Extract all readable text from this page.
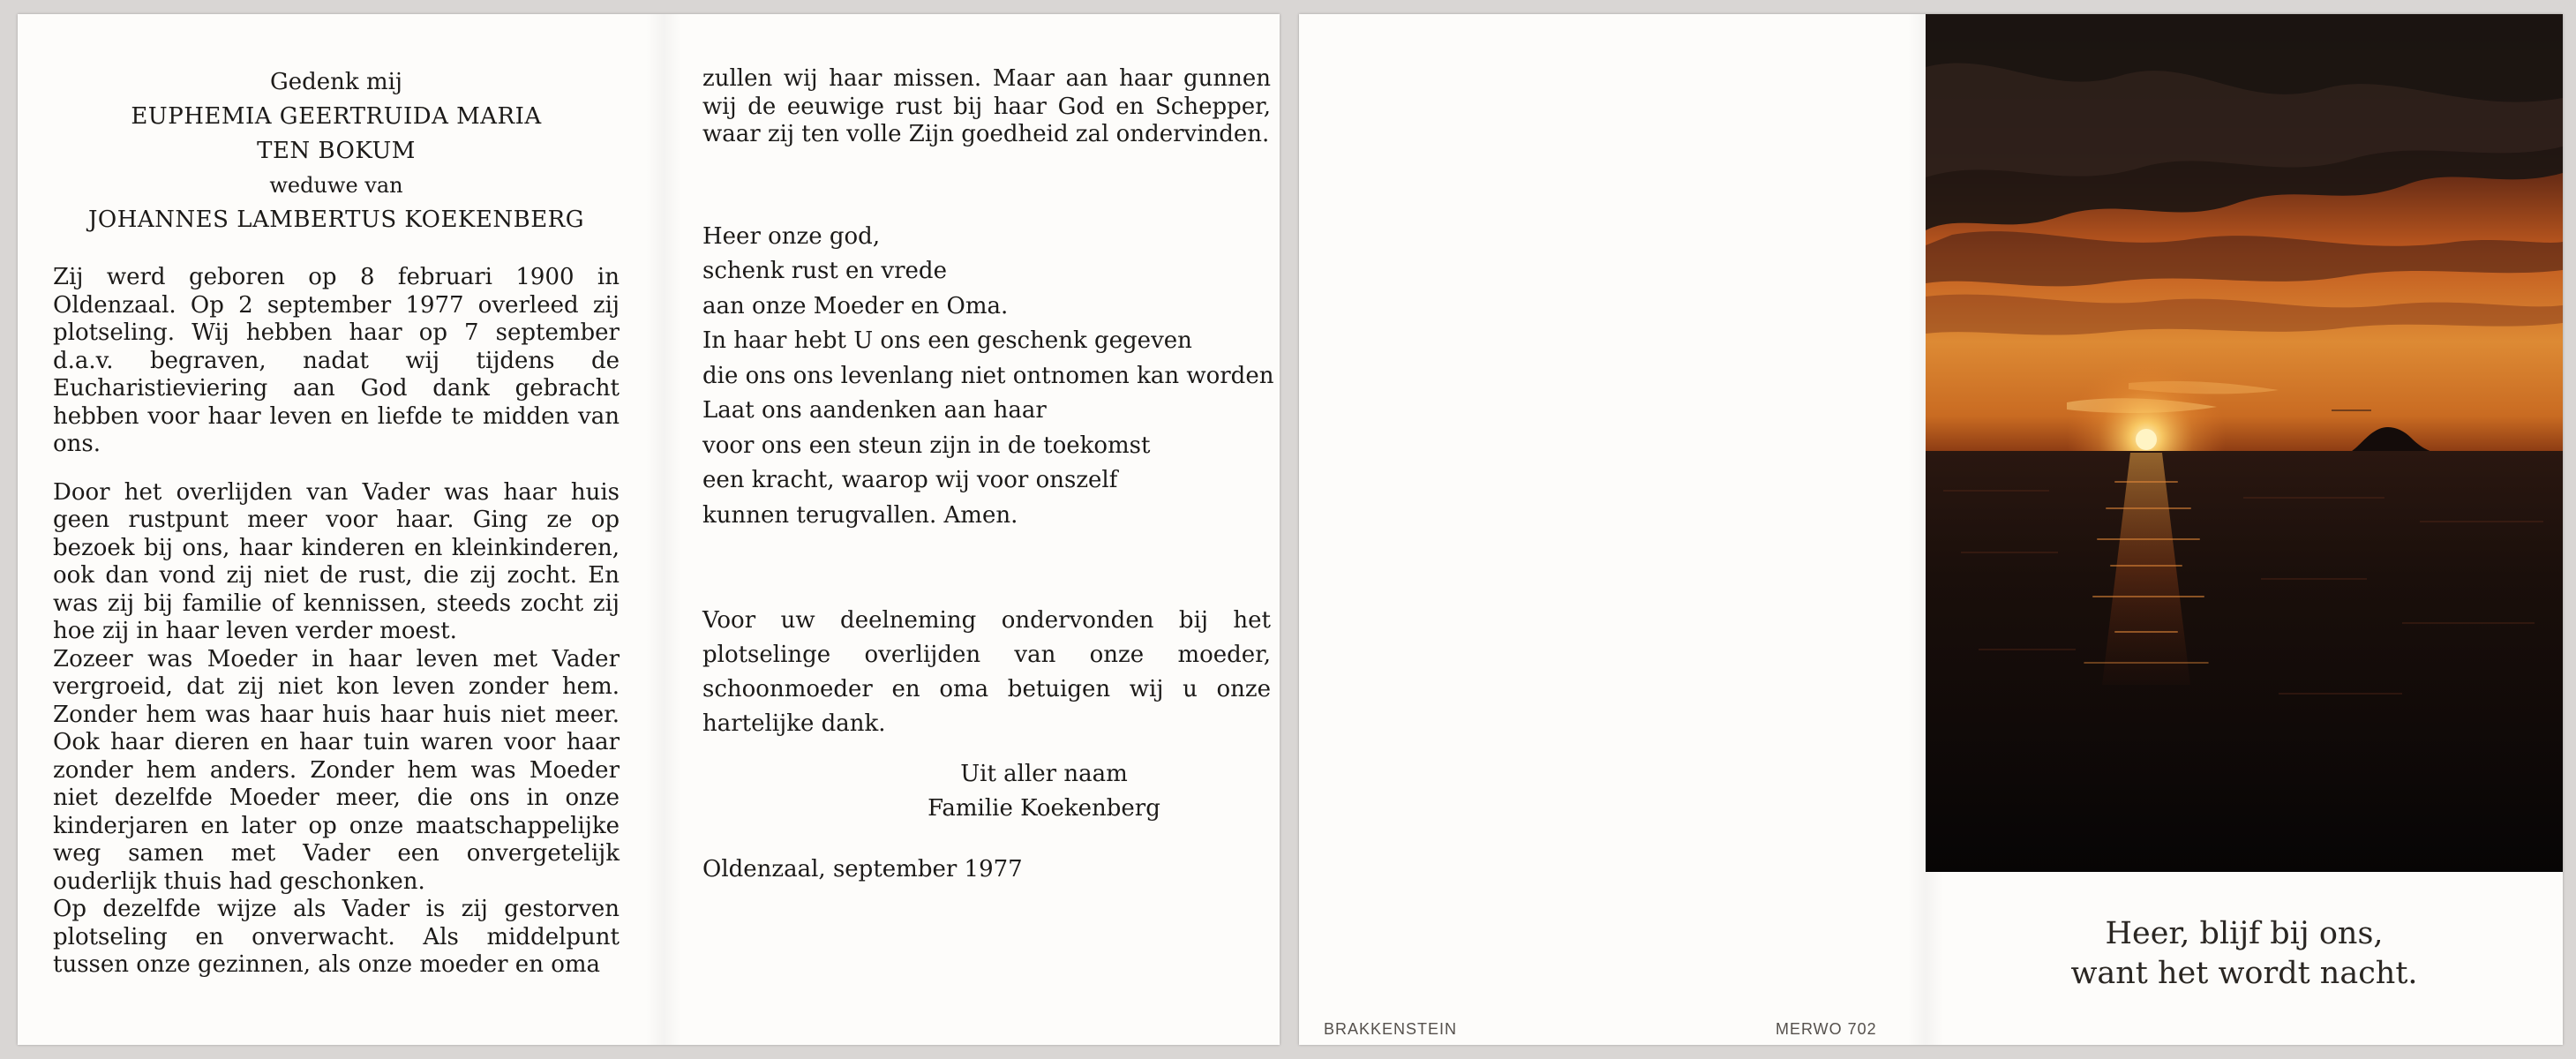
Gedenk mij
EUPHEMIA GEERTRUIDA MARIA
TEN BOKUM
weduwe van
JOHANNES LAMBERTUS KOEKENBERG

Zij werd geboren op 8 februari 1900 in Oldenzaal. Op 2 september 1977 overleed zij plotseling. Wij hebben haar op 7 september d.a.v. begraven, nadat wij tijdens de Eucharistieviering aan God dank gebracht hebben voor haar leven en liefde te midden van ons.

Door het overlijden van Vader was haar huis geen rustpunt meer voor haar. Ging ze op bezoek bij ons, haar kinderen en kleinkinderen, ook dan vond zij niet de rust, die zij zocht. En was zij bij familie of kennissen, steeds zocht zij hoe zij in haar leven verder moest.

Zozeer was Moeder in haar leven met Vader vergroeid, dat zij niet kon leven zonder hem. Zonder hem was haar huis haar huis niet meer. Ook haar dieren en haar tuin waren voor haar zonder hem anders. Zonder hem was Moeder niet dezelfde Moeder meer, die ons in onze kinderjaren en later op onze maatschappelijke weg samen met Vader een onvergetelijk ouderlijk thuis had geschonken.

Op dezelfde wijze als Vader is zij gestorven plotseling en onverwacht. Als middelpunt tussen onze gezinnen, als onze moeder en oma

zullen wij haar missen. Maar aan haar gunnen wij de eeuwige rust bij haar God en Schepper, waar zij ten volle Zijn goedheid zal ondervinden.

Heer onze god,
schenk rust en vrede
aan onze Moeder en Oma.
In haar hebt U ons een geschenk gegeven
die ons ons levenlang niet ontnomen kan worden
Laat ons aandenken aan haar
voor ons een steun zijn in de toekomst
een kracht, waarop wij voor onszelf
kunnen terugvallen. Amen.

Voor uw deelneming ondervonden bij het plotselinge overlijden van onze moeder, schoonmoeder en oma betuigen wij u onze hartelijke dank.

Uit aller naam
Familie Koekenberg
Oldenzaal, september 1977
BRAKKENSTEIN	MERWO 702
Heer, blijf bij ons,
want het wordt nacht.
